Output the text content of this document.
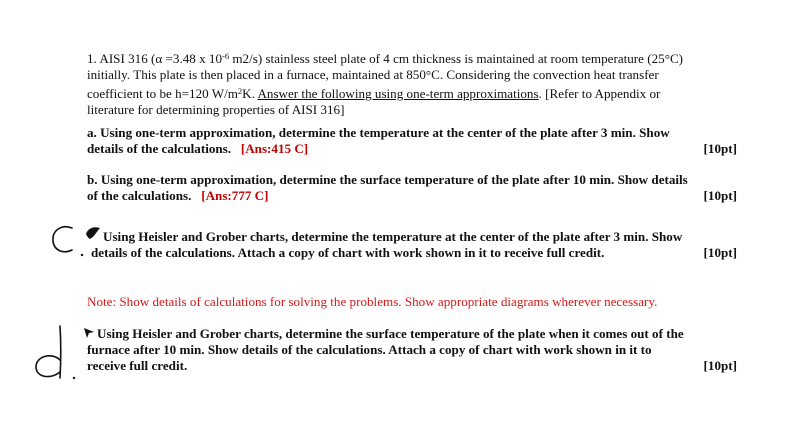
1. AISI 316 (α =3.48 x $10^{-6}$ m2/s) stainless steel plate of 4 cm thickness is maintained at room temperature (25°C)
initially. This plate is then placed in a furnace, maintained at 850°C. Considering the convection heat transfer
coefficient to be h=120 $W/m^2K$. Answer the following using one-term approximations. [Refer to Appendix or
literature for determining properties of AISI 316]
a. Using one-term approximation, determine the temperature at the center of the plate after 3 min. Show
details of the calculations. [Ans:415 C]	[10pt]
b. Using one-term approximation, determine the surface temperature of the plate after 10 min. Show details
of the calculations. [Ans:777 C]	[10pt]
Using Heisler and Grober charts, determine the temperature at the center of the plate after 3 min. Show
details of the calculations. Attach a copy of chart with work shown in it to receive full credit.	[10pt]
Note: Show details of calculations for solving the problems. Show appropriate diagrams wherever necessary.
Using Heisler and Grober charts, determine the surface temperature of the plate when it comes out of the
furnace after 10 min. Show details of the calculations. Attach a copy of chart with work shown in it to
receive full credit.	[10pt]
